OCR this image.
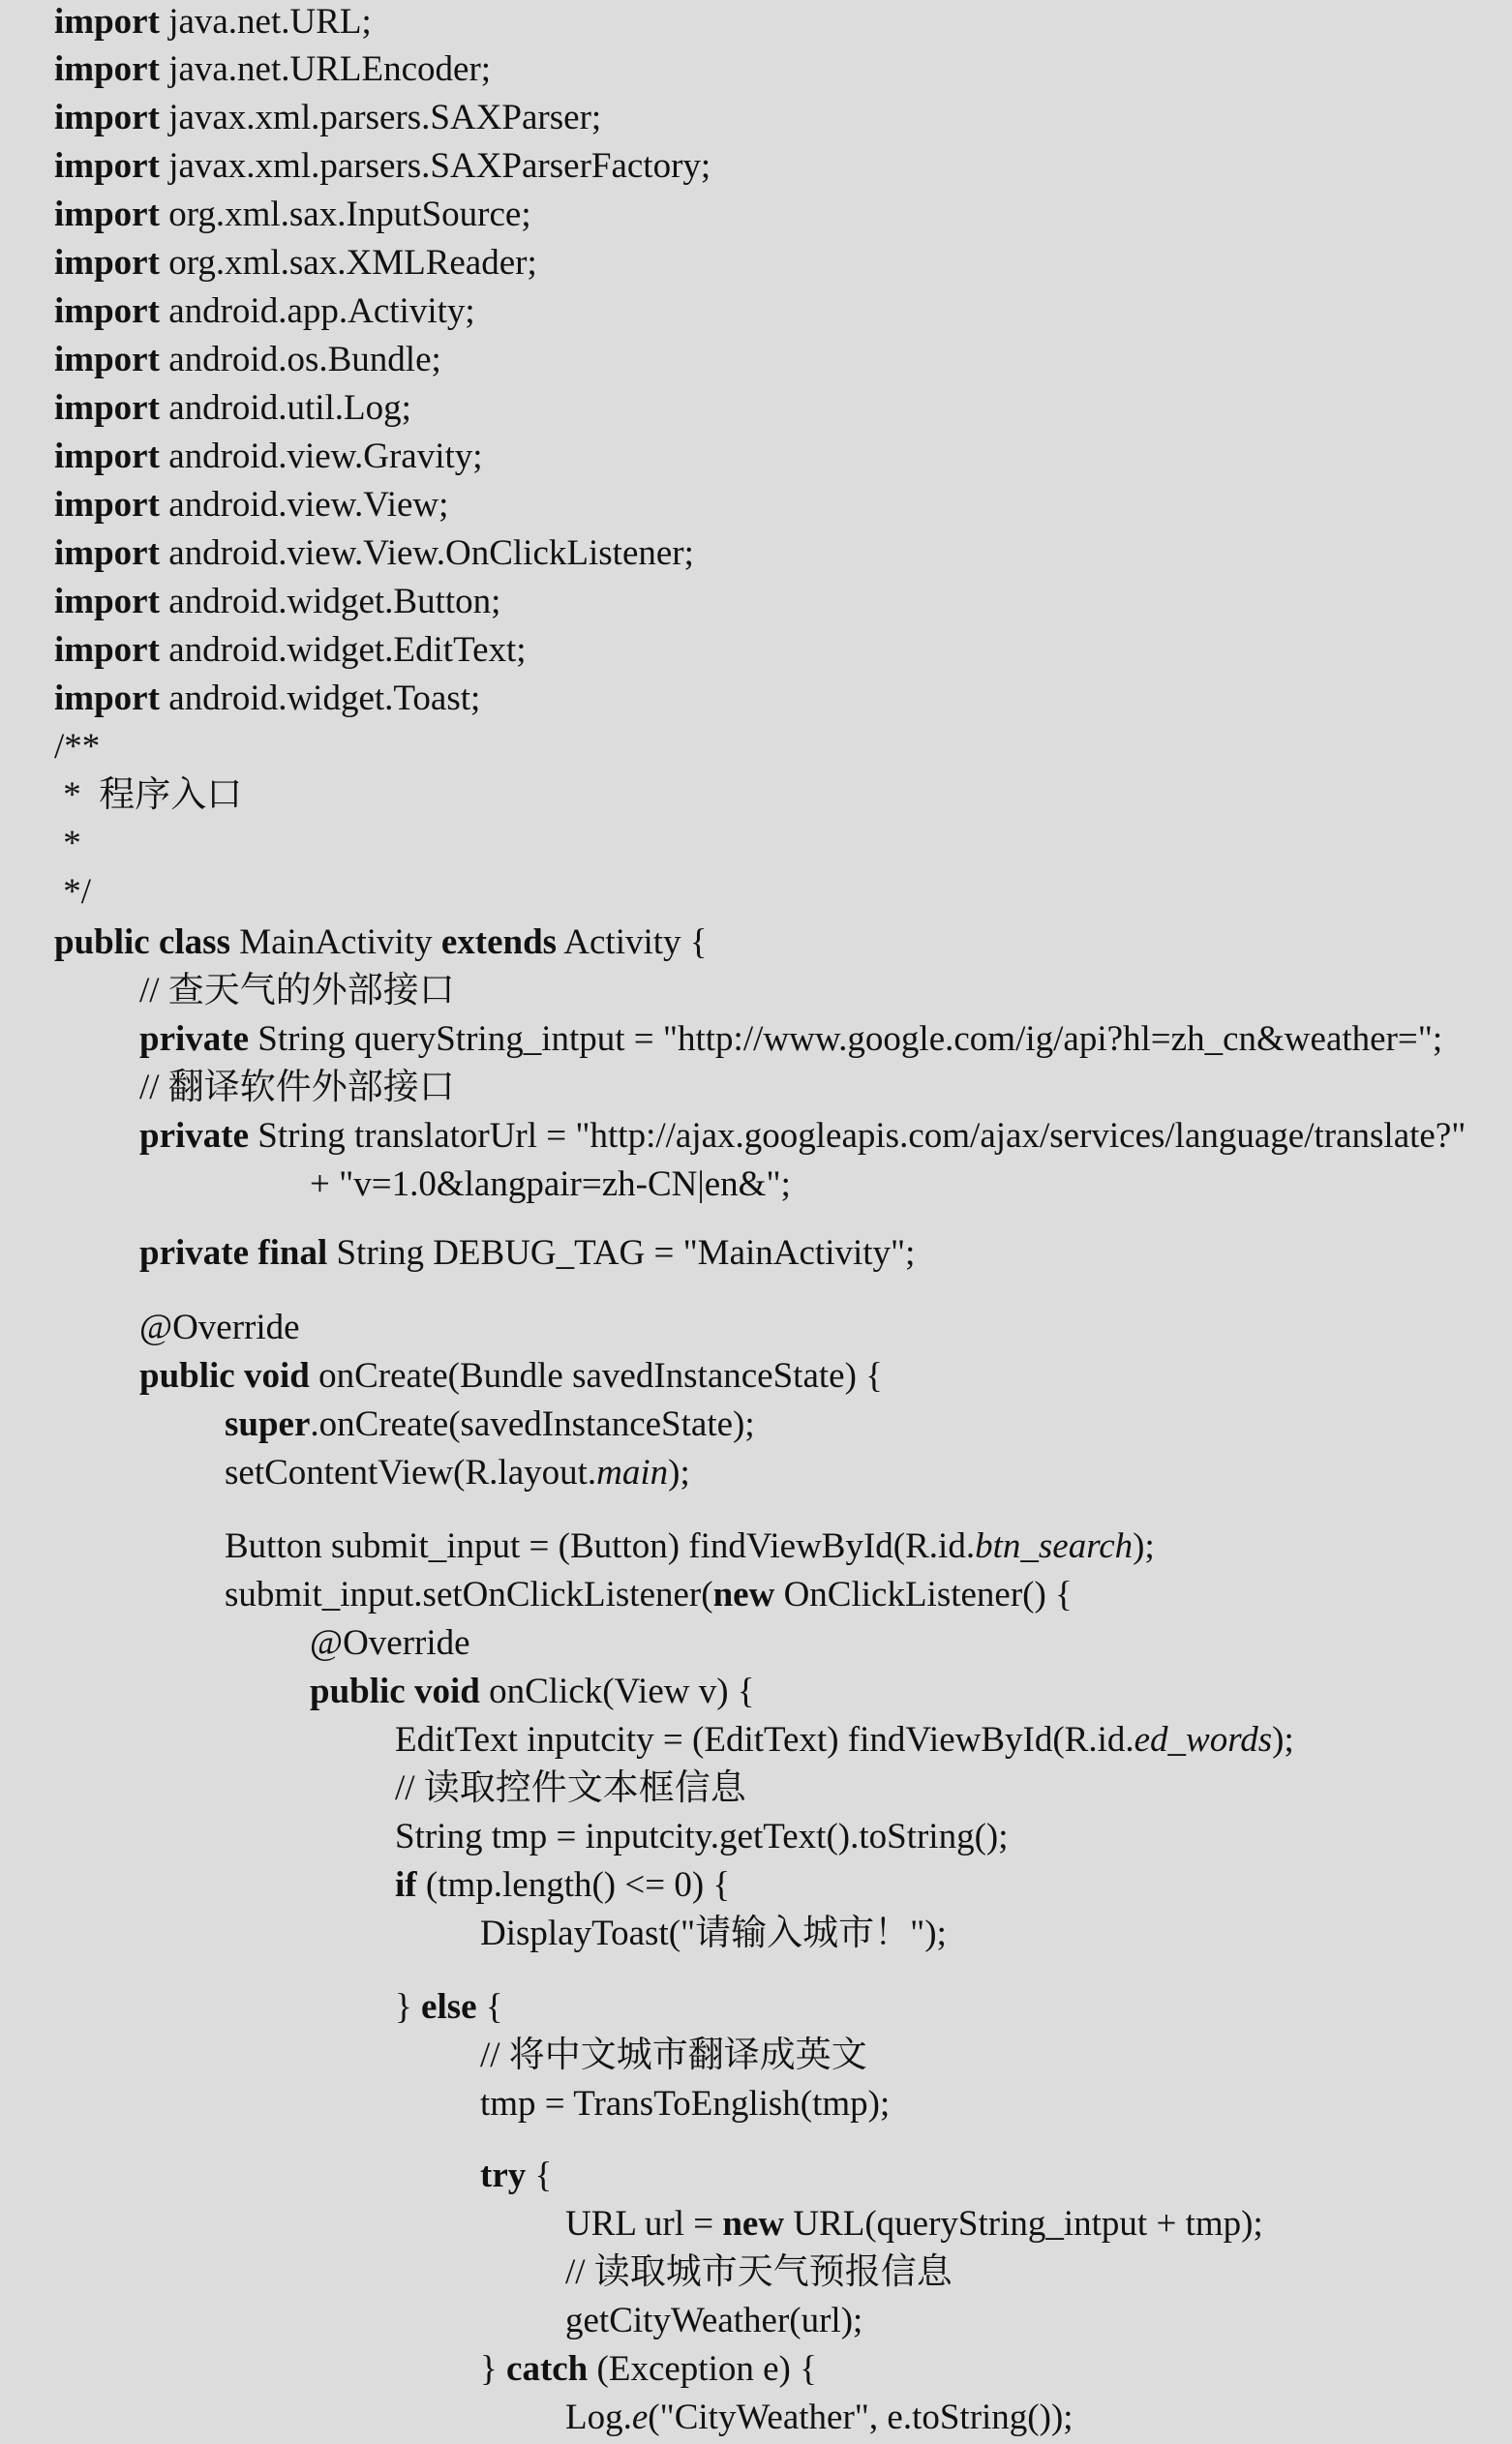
import java.net.URL;
import java.net.URLEncoder;
import javax.xml.parsers.SAXParser;
import javax.xml.parsers.SAXParserFactory;
import org.xml.sax.InputSource;
import org.xml.sax.XMLReader;
import android.app.Activity;
import android.os.Bundle;
import android.util.Log;
import android.view.Gravity;
import android.view.View;
import android.view.View.OnClickListener;
import android.widget.Button;
import android.widget.EditText;
import android.widget.Toast;
/**
*  程序入口
*
*/
public class MainActivity extends Activity {
// 查天气的外部接口
private String queryString_intput = "http://www.google.com/ig/api?hl=zh_cn&weather=";
// 翻译软件外部接口
private String translatorUrl = "http://ajax.googleapis.com/ajax/services/language/translate?"
+ "v=1.0&langpair=zh-CN|en&";
private final String DEBUG_TAG = "MainActivity";
@Override
public void onCreate(Bundle savedInstanceState) {
super.onCreate(savedInstanceState);
setContentView(R.layout.main);
Button submit_input = (Button) findViewById(R.id.btn_search);
submit_input.setOnClickListener(new OnClickListener() {
@Override
public void onClick(View v) {
EditText inputcity = (EditText) findViewById(R.id.ed_words);
// 读取控件文本框信息
String tmp = inputcity.getText().toString();
if (tmp.length() <= 0) {
DisplayToast("请输入城市！");
} else {
// 将中文城市翻译成英文
tmp = TransToEnglish(tmp);
try {
URL url = new URL(queryString_intput + tmp);
// 读取城市天气预报信息
getCityWeather(url);
} catch (Exception e) {
Log.e("CityWeather", e.toString());
